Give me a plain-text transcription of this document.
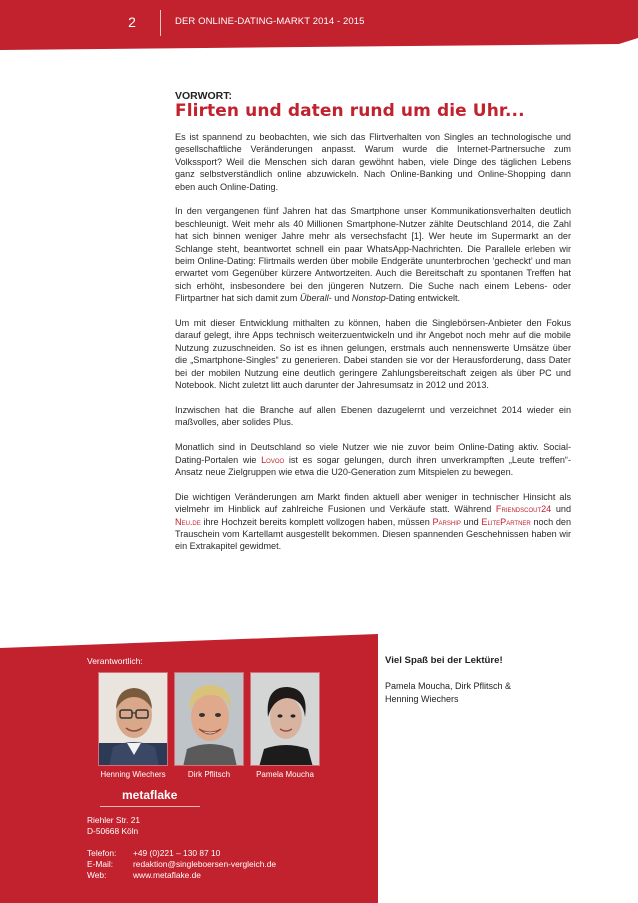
2	DER ONLINE-DATING-MARKT 2014 - 2015
VORWORT:
Flirten und daten rund um die Uhr...

Es ist spannend zu beobachten, wie sich das Flirtverhalten von Singles an technologische und gesellschaftliche Veränderungen anpasst. Warum wurde die Internet-Partnersuche zum Volkssport? Weil die Menschen sich daran gewöhnt haben, viele Dinge des täglichen Lebens ganz selbstverständlich online abzuwickeln. Nach Online-Banking und Online-Shopping dann eben auch Online-Dating.

In den vergangenen fünf Jahren hat das Smartphone unser Kommunikationsverhalten deutlich beschleunigt. Weit mehr als 40 Millionen Smartphone-Nutzer zählte Deutschland 2014, die Zahl hat sich binnen weniger Jahre mehr als versechsfacht [1]. Wer heute im Supermarkt an der Schlange steht, beantwortet schnell ein paar WhatsApp-Nachrichten. Die Parallele erleben wir beim Online-Dating: Flirtmails werden über mobile Endgeräte ununterbrochen ‘gecheckt’ und man erwartet vom Gegenüber kürzere Antwortzeiten. Auch die Bereitschaft zu spontanen Treffen hat sich erhöht, insbesondere bei den jüngeren Nutzern. Die Suche nach einem Lebens- oder Flirtpartner hat sich damit zum Überall- und Nonstop-Dating entwickelt.

Um mit dieser Entwicklung mithalten zu können, haben die Singlebörsen-Anbieter den Fokus darauf gelegt, ihre Apps technisch weiterzuentwickeln und ihr Angebot noch mehr auf die mobile Nutzung zuzuschneiden. So ist es ihnen gelungen, erstmals auch nennenswerte Umsätze über die „Smartphone-Singles“ zu generieren. Dabei standen sie vor der Herausforderung, dass Dater bei der mobilen Nutzung eine deutlich geringere Zahlungsbereitschaft zeigen als über PC und Notebook. Nicht zuletzt litt auch darunter der Jahresumsatz in 2012 und 2013.

Inzwischen hat die Branche auf allen Ebenen dazugelernt und verzeichnet 2014 wieder ein maßvolles, aber solides Plus.

Monatlich sind in Deutschland so viele Nutzer wie nie zuvor beim Online-Dating aktiv. Social-Dating-Portalen wie Lovoo ist es sogar gelungen, durch ihren unverkrampften „Leute treffen“-Ansatz neue Zielgruppen wie etwa die U20-Generation zum Mitspielen zu bewegen.

Die wichtigen Veränderungen am Markt finden aktuell aber weniger in technischer Hinsicht als vielmehr im Hinblick auf zahlreiche Fusionen und Verkäufe statt. Während Friendscout24 und Neu.de ihre Hochzeit bereits komplett vollzogen haben, müssen Parship und ElitePartner noch den Trauschein vom Kartellamt ausgestellt bekommen. Diesen spannenden Geschehnissen haben wir ein Extrakapitel gewidmet.

Verantwortlich:
Henning Wiechers	Dirk Pflitsch	Pamela Moucha
metaflake
Riehler Str. 21
D-50668 Köln
Telefon: +49 (0)221 – 130 87 10
E-Mail: redaktion@singleboersen-vergleich.de
Web:	www.metaflake.de
Viel Spaß bei der Lektüre!
Pamela Moucha, Dirk Pflitsch &
Henning Wiechers
